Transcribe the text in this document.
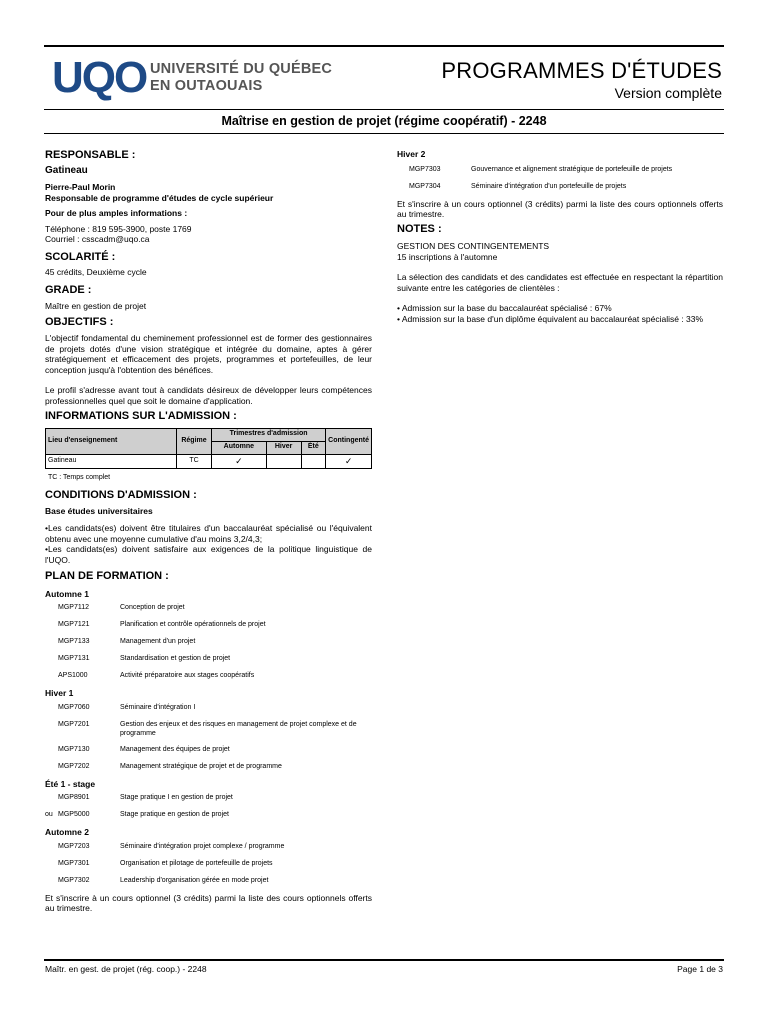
UQO UNIVERSITÉ DU QUÉBEC
EN OUTAOUAIS
PROGRAMMES D'ÉTUDES
Version complète
Maîtrise en gestion de projet (régime coopératif) - 2248
RESPONSABLE :
Gatineau
Pierre-Paul Morin
Responsable de programme d'études de cycle supérieur
Pour de plus amples informations :
Téléphone : 819 595-3900, poste 1769
Courriel : csscadm@uqo.ca
SCOLARITÉ :
45 crédits, Deuxième cycle
GRADE :
Maître en gestion de projet
OBJECTIFS :
L'objectif fondamental du cheminement professionnel est de former des gestionnaires de projets dotés d'une vision stratégique et intégrée du domaine, aptes à gérer stratégiquement et efficacement des projets, programmes et portefeuilles, de leur conception jusqu'à l'obtention des bénéfices.
Le profil s'adresse avant tout à candidats désireux de développer leurs compétences professionnelles quel que soit le domaine d'application.
INFORMATIONS SUR L'ADMISSION :
Lieu d'enseignement	Régime	Trimestres d'admission			Contingenté
		Automne	Hiver	Été	
Gatineau	TC	✓			✓
TC : Temps complet
CONDITIONS D'ADMISSION :
Base études universitaires
•Les candidats(es) doivent être titulaires d'un baccalauréat spécialisé ou l'équivalent obtenu avec une moyenne cumulative d'au moins 3,2/4,3;
•Les candidats(es) doivent satisfaire aux exigences de la politique linguistique de l'UQO.
PLAN DE FORMATION :
Automne 1
MGP7112	Conception de projet
MGP7121	Planification et contrôle opérationnels de projet
MGP7133	Management d'un projet
MGP7131	Standardisation et gestion de projet
APS1000	Activité préparatoire aux stages coopératifs
Hiver 1
MGP7060	Séminaire d'intégration I
MGP7201	Gestion des enjeux et des risques en management de projet complexe et de programme
MGP7130	Management des équipes de projet
MGP7202	Management stratégique de projet et de programme
Été 1 - stage
MGP8901	Stage pratique I en gestion de projet
ou MGP5000	Stage pratique en gestion de projet
Automne 2
MGP7203	Séminaire d'intégration projet complexe / programme
MGP7301	Organisation et pilotage de portefeuille de projets
MGP7302	Leadership d'organisation gérée en mode projet
Et s'inscrire à un cours optionnel (3 crédits) parmi la liste des cours optionnels offerts au trimestre.
Hiver 2
MGP7303	Gouvernance et alignement stratégique de portefeuille de projets
MGP7304	Séminaire d'intégration d'un portefeuille de projets
Et s'inscrire à un cours optionnel (3 crédits) parmi la liste des cours optionnels offerts au trimestre.
NOTES :
GESTION DES CONTINGENTEMENTS
15 inscriptions à l'automne
La sélection des candidats et des candidates est effectuée en respectant la répartition suivante entre les catégories de clientèles :
• Admission sur la base du baccalauréat spécialisé : 67%
• Admission sur la base d'un diplôme équivalent au baccalauréat spécialisé : 33%
Maîtr. en gest. de projet (rég. coop.) - 2248	Page 1 de 3
